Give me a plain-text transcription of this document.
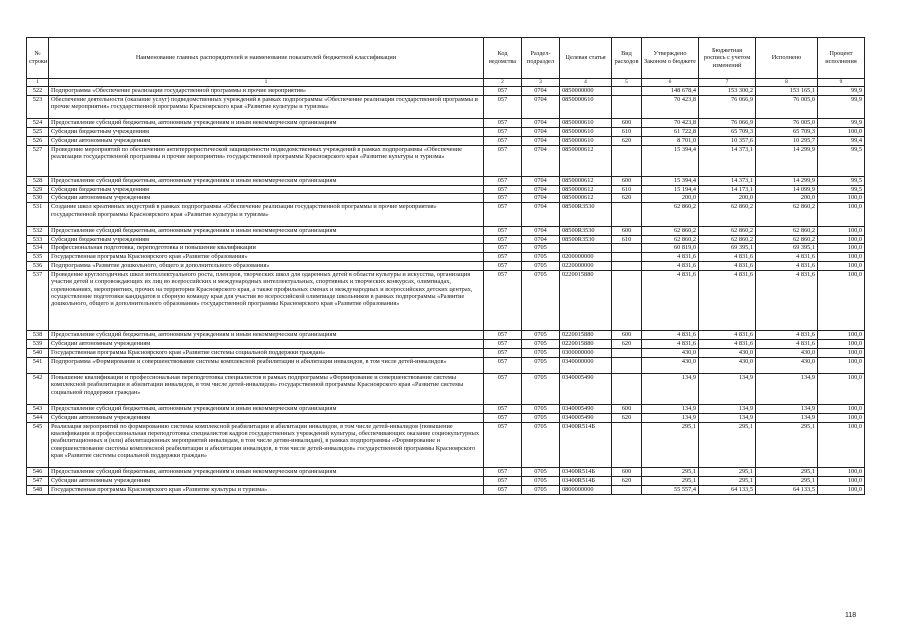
№ строки	Наименование главных распорядителей и наименование показателей бюджетной классификации	Код ведомства	Раздел-подраздел	Целевая статья	Вид расходов	Утверждено Законом о бюджете	Бюджетная роспись с учетом изменений	Исполнено	Процент исполнения
1	1	2	3	4	5	6	7	8	9
522	Подпрограмма «Обеспечение реализации государственной программы и прочие мероприятия»	057	0704	0850000000		148 678,4	153 300,2	153 165,1	99,9
523	Обеспечение деятельности (оказание услуг) подведомственных учреждений в рамках подпрограммы «Обеспечение реализации государственной программы и прочие мероприятия» государственной программы Красноярского края «Развитие культуры и туризма»	057	0704	0850000610		70 423,8	76 066,9	76 005,0	99,9
524	Предоставление субсидий бюджетным, автономным учреждениям и иным некоммерческим организациям	057	0704	0850000610	600	70 423,8	76 066,9	76 005,0	99,9
525	Субсидии бюджетным учреждениям	057	0704	0850000610	610	61 722,8	65 709,3	65 709,3	100,0
526	Субсидии автономным учреждениям	057	0704	0850000610	620	8 701,0	10 357,6	10 295,7	99,4
527	Проведение мероприятий по обеспечению антитеррористической защищенности подведомственных учреждений в рамках подпрограммы «Обеспечение реализации государственной программы и прочие мероприятия» государственной программы Красноярского края «Развитие культуры и туризма»	057	0704	0850000612		15 394,4	14 373,1	14 299,9	99,5
528	Предоставление субсидий бюджетным, автономным учреждениям и иным некоммерческим организациям	057	0704	0850000612	600	15 394,4	14 373,1	14 299,9	99,5
529	Субсидии бюджетным учреждениям	057	0704	0850000612	610	15 194,4	14 173,1	14 099,9	99,5
530	Субсидии автономным учреждениям	057	0704	0850000612	620	200,0	200,0	200,0	100,0
531	Создание школ креативных индустрий в рамках подпрограммы «Обеспечение реализации государственной программы и прочие мероприятия» государственной программы Красноярского края «Развитие культуры и туризма»	057	0704	08500R3530		62 860,2	62 860,2	62 860,2	100,0
532	Предоставление субсидий бюджетным, автономным учреждениям и иным некоммерческим организациям	057	0704	08500R3530	600	62 860,2	62 860,2	62 860,2	100,0
533	Субсидии бюджетным учреждениям	057	0704	08500R3530	610	62 860,2	62 860,2	62 860,2	100,0
534	Профессиональная подготовка, переподготовка и повышение квалификации	057	0705			60 819,0	69 395,1	69 395,1	100,0
535	Государственная программа Красноярского края «Развитие образования»	057	0705	0200000000		4 831,6	4 831,6	4 831,6	100,0
536	Подпрограмма «Развитие дошкольного, общего и дополнительного образования»	057	0705	0220000000		4 831,6	4 831,6	4 831,6	100,0
537	Проведение круглогодичных школ интеллектуального роста, пленэров, творческих школ для одаренных детей в области культуры и искусства, организация участия детей и сопровождающих их лиц во всероссийских и международных интеллектуальных, спортивных и творческих конкурсах, олимпиадах, соревнованиях, мероприятиях, прочих на территории Красноярского края, а также профильных сменах и международных и всероссийских детских центрах, осуществление подготовки кандидатов в сборную команду края для участия во всероссийской олимпиаде школьников в рамках подпрограммы «Развитие дошкольного, общего и дополнительного образования» государственной программы Красноярского края «Развитие образования»	057	0705	0220015880		4 831,6	4 831,6	4 831,6	100,0
538	Предоставление субсидий бюджетным, автономным учреждениям и иным некоммерческим организациям	057	0705	0220015880	600	4 831,6	4 831,6	4 831,6	100,0
539	Субсидии автономным учреждениям	057	0705	0220015880	620	4 831,6	4 831,6	4 831,6	100,0
540	Государственная программа Красноярского края «Развитие системы социальной поддержки граждан»	057	0705	0300000000		430,0	430,0	430,0	100,0
541	Подпрограмма «Формирование и совершенствование системы комплексной реабилитации и абилитации инвалидов, в том числе детей-инвалидов»	057	0705	0340000000		430,0	430,0	430,0	100,0
542	Повышение квалификации и профессиональная переподготовка специалистов в рамках подпрограммы «Формирование и совершенствование системы комплексной реабилитации и абилитации инвалидов, в том числе детей-инвалидов» государственной программы Красноярского края «Развитие системы социальной поддержки граждан»	057	0705	0340005490		134,9	134,9	134,9	100,0
543	Предоставление субсидий бюджетным, автономным учреждениям и иным некоммерческим организациям	057	0705	0340005490	600	134,9	134,9	134,9	100,0
544	Субсидии автономным учреждениям	057	0705	0340005490	620	134,9	134,9	134,9	100,0
545	Реализация мероприятий по формированию системы комплексной реабилитации и абилитации инвалидов, в том числе детей-инвалидов (повышение квалификации и профессиональная переподготовка специалистов кадров государственных учреждений культуры, обеспечивающих оказание социокультурных реабилитационных и (или) абилитационных мероприятий инвалидам, в том числе детям-инвалидам), в рамках подпрограммы «Формирование и совершенствование системы комплексной реабилитации и абилитации инвалидов, в том числе детей-инвалидов» государственной программы Красноярского края «Развитие системы социальной поддержки граждан»	057	0705	03400R514Б		295,1	295,1	295,1	100,0
546	Предоставление субсидий бюджетным, автономным учреждениям и иным некоммерческим организациям	057	0705	03400R514Б	600	295,1	295,1	295,1	100,0
547	Субсидии автономным учреждениям	057	0705	03400R514Б	620	295,1	295,1	295,1	100,0
548	Государственная программа Красноярского края «Развитие культуры и туризма»	057	0705	0800000000		55 557,4	64 133,5	64 133,5	100,0
118
